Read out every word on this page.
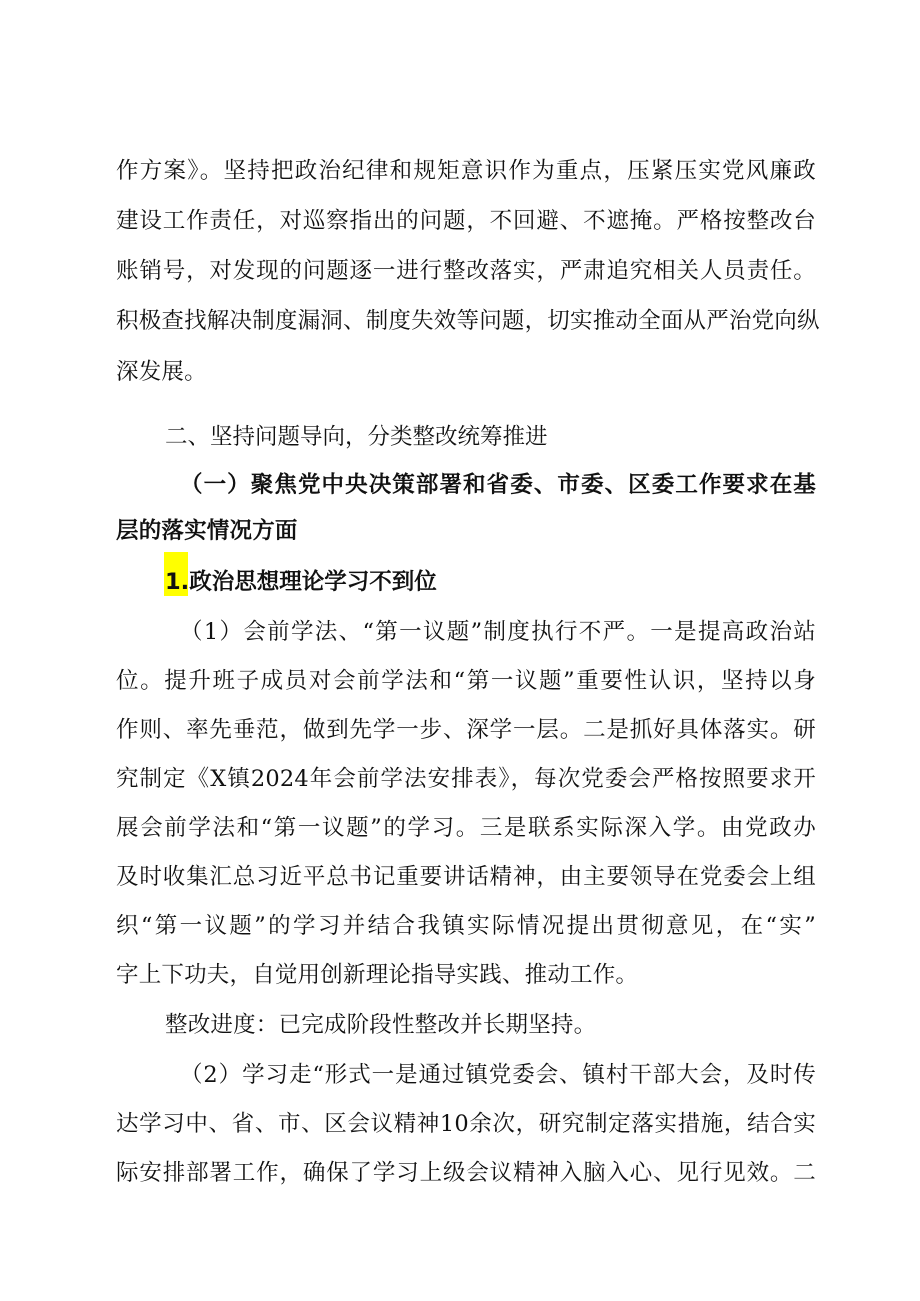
作方案》。坚持把政治纪律和规矩意识作为重点，压紧压实党风廉政
建设工作责任，对巡察指出的问题，不回避、不遮掩。严格按整改台
账销号，对发现的问题逐一进行整改落实，严肃追究相关人员责任。
积极查找解决制度漏洞、制度失效等问题，切实推动全面从严治党向纵
深发展。
二、坚持问题导向，分类整改统筹推进
（一）聚焦党中央决策部署和省委、市委、区委工作要求在基
层的落实情况方面
1.政治思想理论学习不到位
（1）会前学法、“第一议题”制度执行不严。一是提高政治站
位。提升班子成员对会前学法和“第一议题”重要性认识，坚持以身
作则、率先垂范，做到先学一步、深学一层。二是抓好具体落实。研
究制定《X镇2024年会前学法安排表》，每次党委会严格按照要求开
展会前学法和“第一议题”的学习。三是联系实际深入学。由党政办
及时收集汇总习近平总书记重要讲话精神，由主要领导在党委会上组
织“第一议题”的学习并结合我镇实际情况提出贯彻意见，在“实”
字上下功夫，自觉用创新理论指导实践、推动工作。
整改进度：已完成阶段性整改并长期坚持。
（2）学习走“形式一是通过镇党委会、镇村干部大会，及时传
达学习中、省、市、区会议精神10余次，研究制定落实措施，结合实
际安排部署工作，确保了学习上级会议精神入脑入心、见行见效。二
